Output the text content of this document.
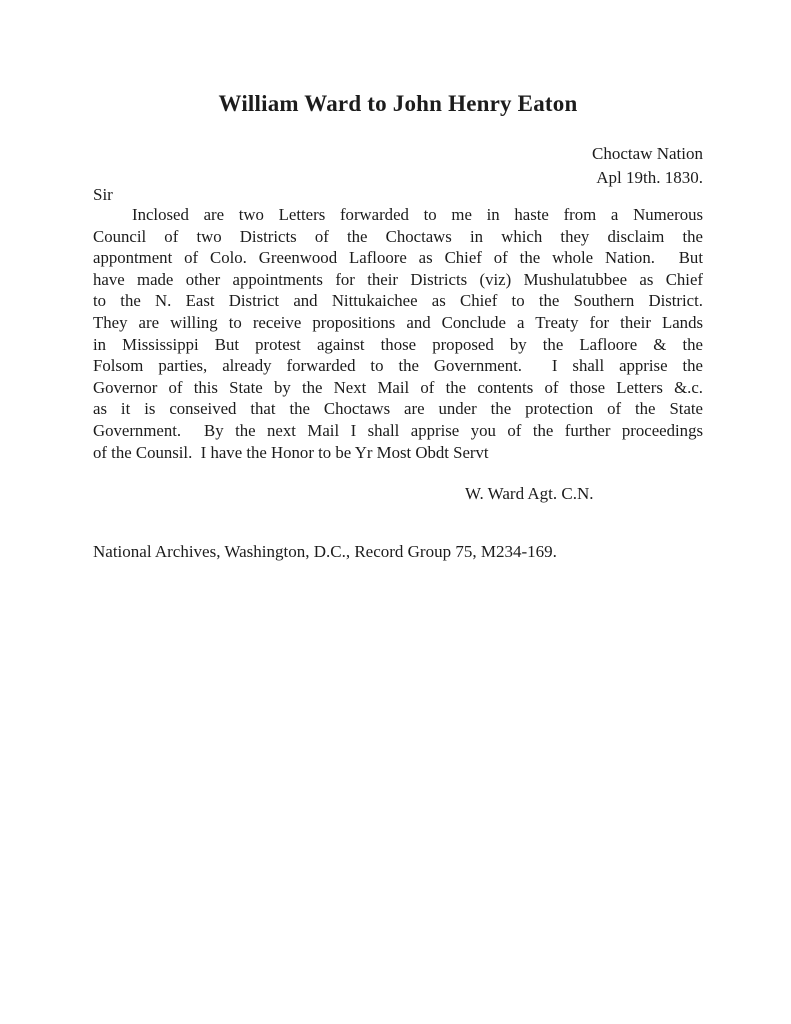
William Ward to John Henry Eaton
Choctaw Nation
Apl 19th. 1830.
Sir
Inclosed are two Letters forwarded to me in haste from a Numerous
Council of two Districts of the Choctaws in which they disclaim the
appontment of Colo. Greenwood Lafloore as Chief of the whole Nation.  But
have made other appointments for their Districts (viz) Mushulatubbee as Chief
to the N. East District and Nittukaichee as Chief to the Southern District.
They are willing to receive propositions and Conclude a Treaty for their Lands
in Mississippi But protest against those proposed by the Lafloore & the
Folsom parties, already forwarded to the Government.  I shall apprise the
Governor of this State by the Next Mail of the contents of those Letters &.c.
as it is conseived that the Choctaws are under the protection of the State
Government.  By the next Mail I shall apprise you of the further proceedings
of the Counsil.  I have the Honor to be Yr Most Obdt Servt
W. Ward Agt. C.N.
National Archives, Washington, D.C., Record Group 75, M234-169.
